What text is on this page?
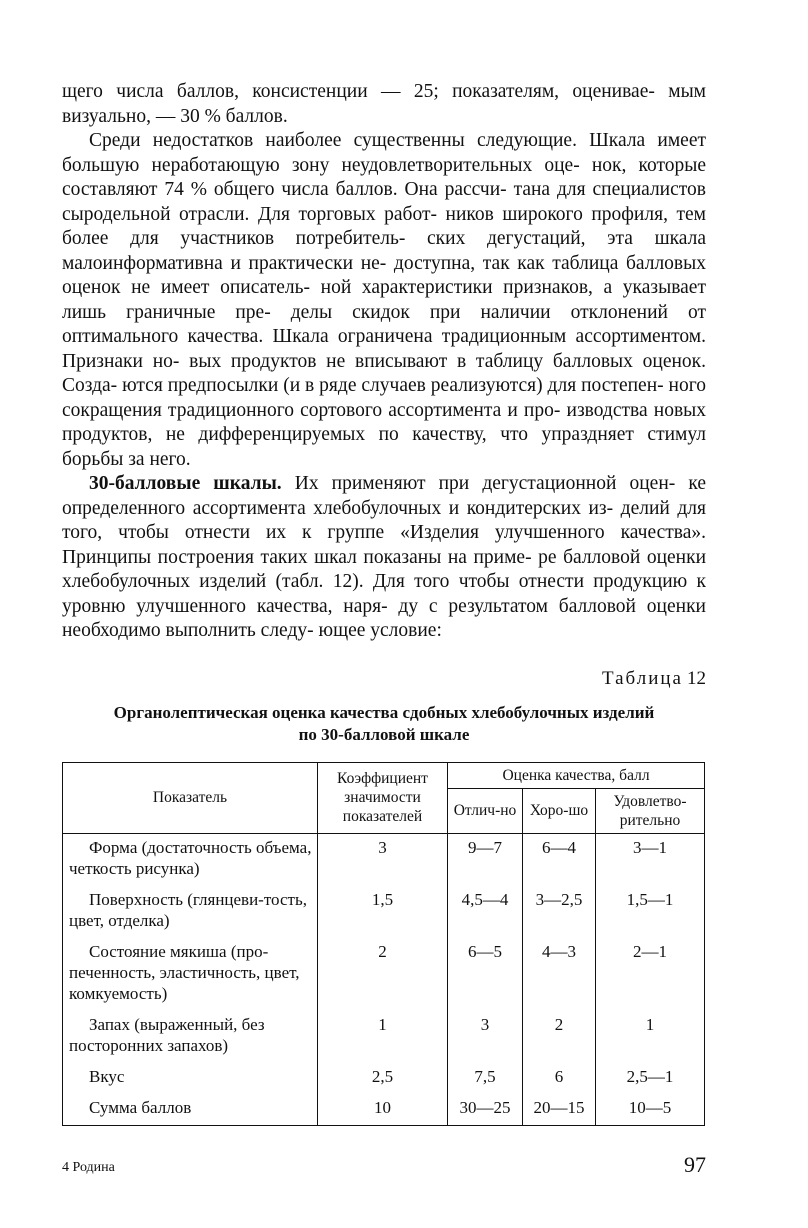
щего числа баллов, консистенции — 25; показателям, оценивае- мым визуально, — 30 % баллов.

Среди недостатков наиболее существенны следующие. Шкала имеет большую неработающую зону неудовлетворительных оце- нок, которые составляют 74 % общего числа баллов. Она рассчи- тана для специалистов сыродельной отрасли. Для торговых работ- ников широкого профиля, тем более для участников потребитель- ских дегустаций, эта шкала малоинформативна и практически не- доступна, так как таблица балловых оценок не имеет описатель- ной характеристики признаков, а указывает лишь граничные пре- делы скидок при наличии отклонений от оптимального качества. Шкала ограничена традиционным ассортиментом. Признаки но- вых продуктов не вписывают в таблицу балловых оценок. Созда- ются предпосылки (и в ряде случаев реализуются) для постепен- ного сокращения традиционного сортового ассортимента и про- изводства новых продуктов, не дифференцируемых по качеству, что упраздняет стимул борьбы за него.

30-балловые шкалы. Их применяют при дегустационной оцен- ке определенного ассортимента хлебобулочных и кондитерских из- делий для того, чтобы отнести их к группе «Изделия улучшенного качества». Принципы построения таких шкал показаны на приме- ре балловой оценки хлебобулочных изделий (табл. 12). Для того чтобы отнести продукцию к уровню улучшенного качества, наря- ду с результатом балловой оценки необходимо выполнить следу- ющее условие:

Таблица 12
Органолептическая оценка качества сдобных хлебобулочных изделий
по 30-балловой шкале
Показатель	Коэффициент значимости показателей	Оценка качества, балл		
		Отлич-но	Хоро-шо	Удовлетво-рительно

Форма (достаточность объема, четкость рисунка)	3	9—7	6—4	3—1

Поверхность (глянцеви-тость, цвет, отделка)	1,5	4,5—4	3—2,5	1,5—1

Состояние мякиша (про-печенность, эластичность, цвет, комкуемость)	2	6—5	4—3	2—1

Запах (выраженный, без посторонних запахов)	1	3	2	1

Вкус	2,5	7,5	6	2,5—1

Сумма баллов	10	30—25	20—15	10—5
4 Родина	97
